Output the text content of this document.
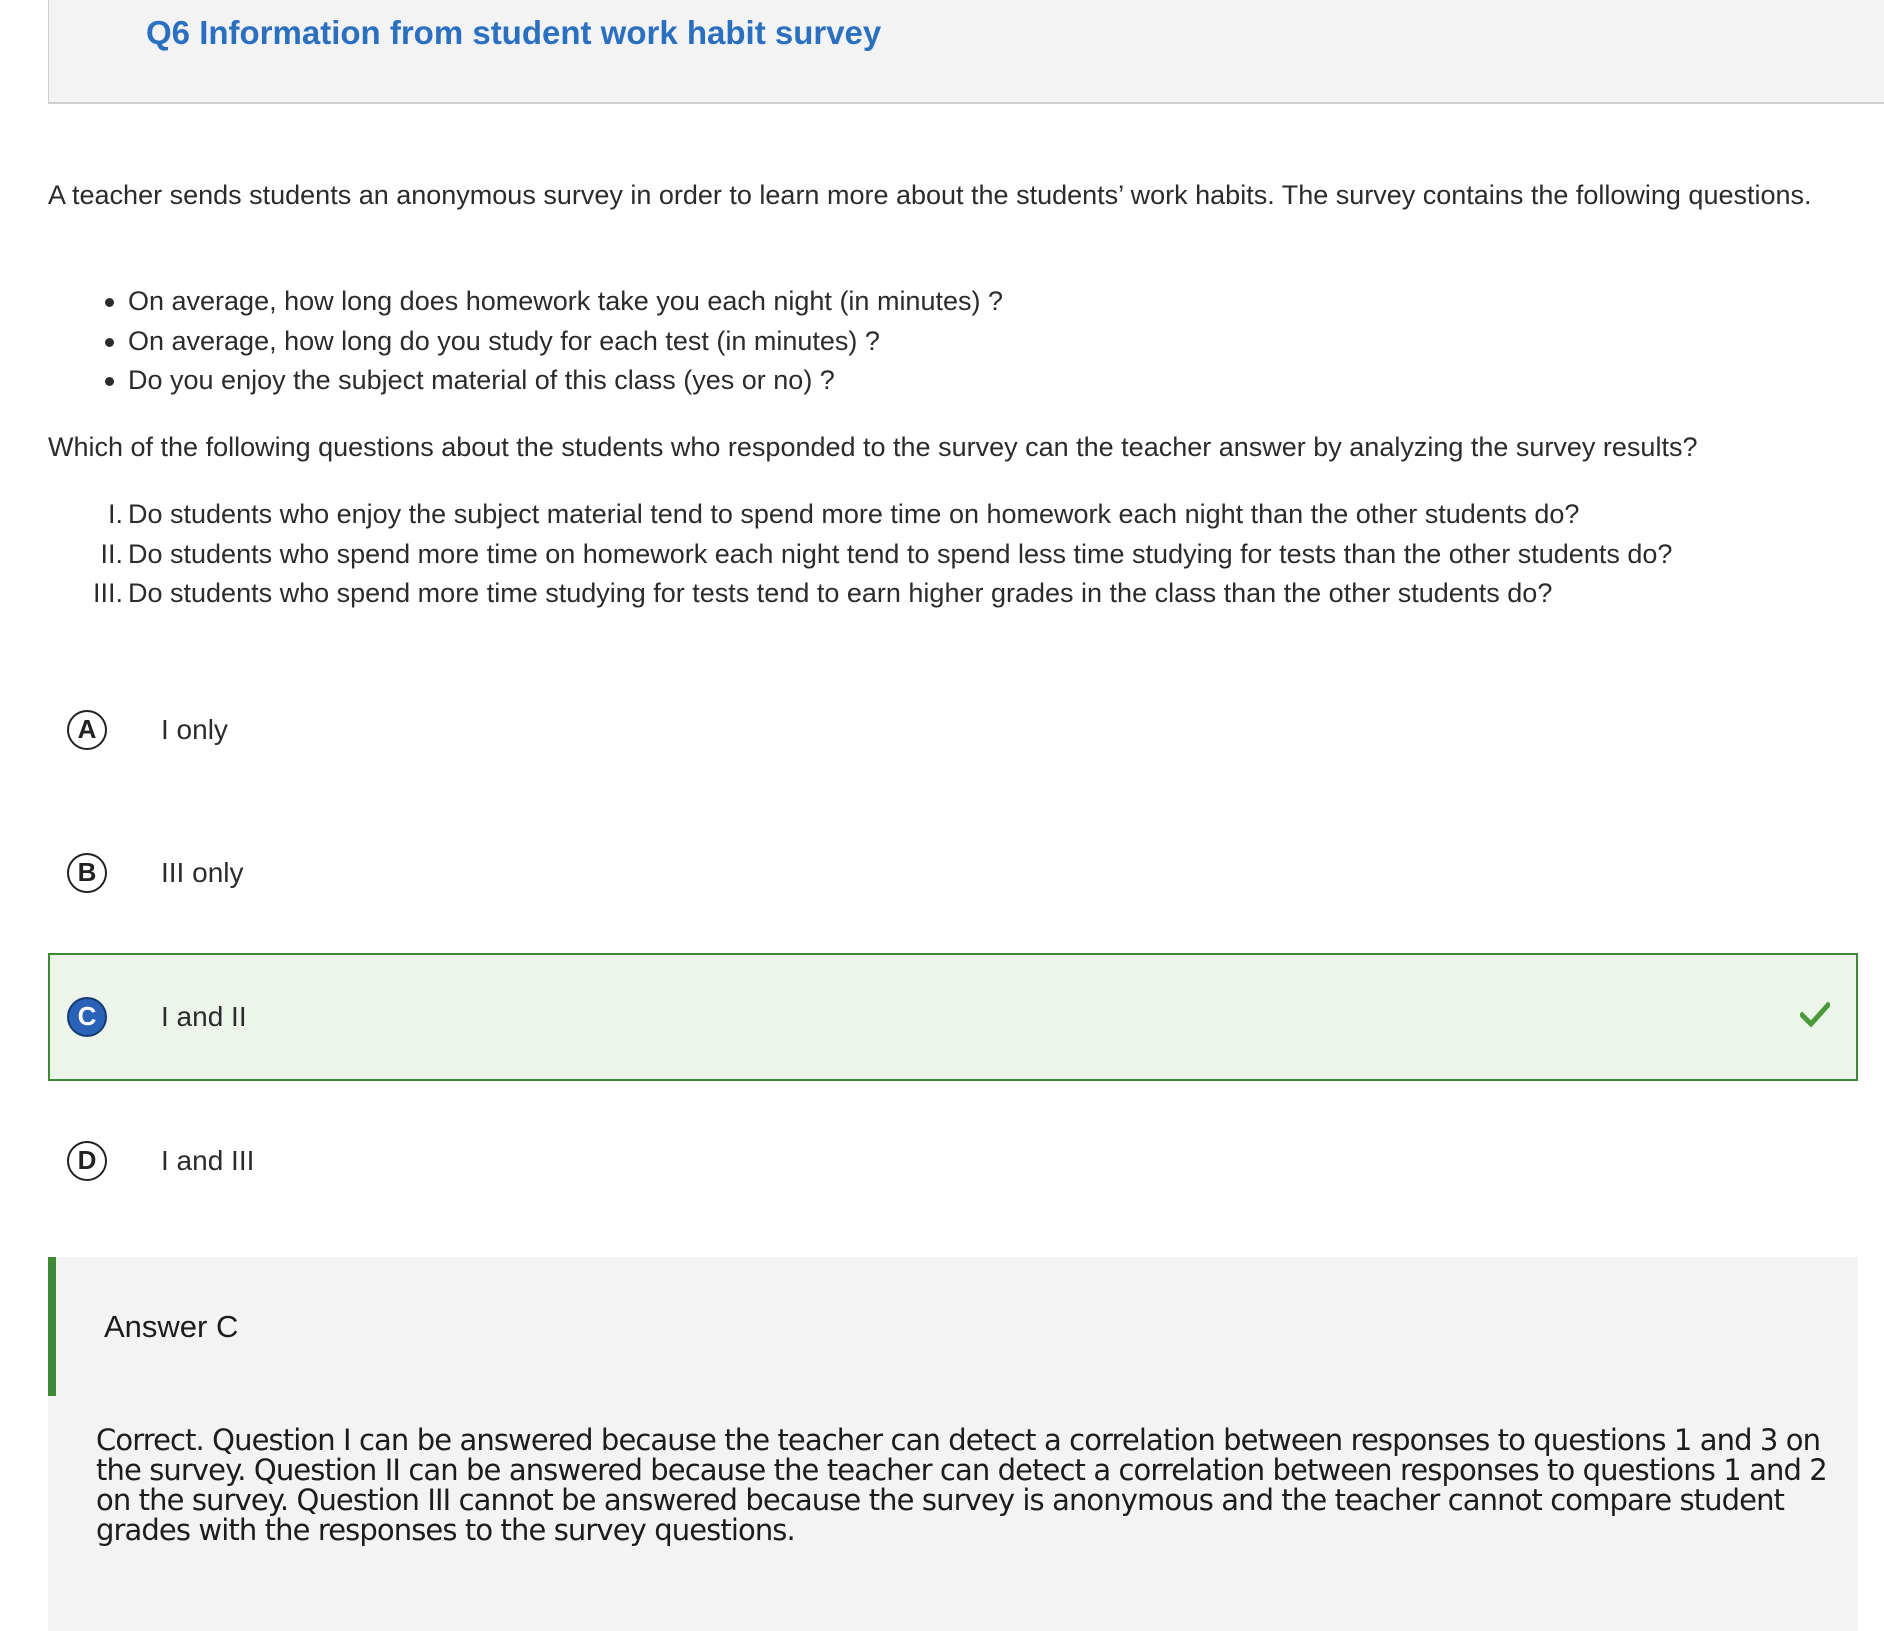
Q6 Information from student work habit survey
A teacher sends students an anonymous survey in order to learn more about the students’ work habits. The survey contains the following questions.
On average, how long does homework take you each night (in minutes) ?
On average, how long do you study for each test (in minutes) ?
Do you enjoy the subject material of this class (yes or no) ?
Which of the following questions about the students who responded to the survey can the teacher answer by analyzing the survey results?
I. Do students who enjoy the subject material tend to spend more time on homework each night than the other students do?
II. Do students who spend more time on homework each night tend to spend less time studying for tests than the other students do?
III. Do students who spend more time studying for tests tend to earn higher grades in the class than the other students do?
A	I only
B	III only
C	I and II
D	I and III
Answer C
Correct. Question I can be answered because the teacher can detect a correlation between responses to questions 1 and 3 on the survey. Question II can be answered because the teacher can detect a correlation between responses to questions 1 and 2 on the survey. Question III cannot be answered because the survey is anonymous and the teacher cannot compare student grades with the responses to the survey questions.
